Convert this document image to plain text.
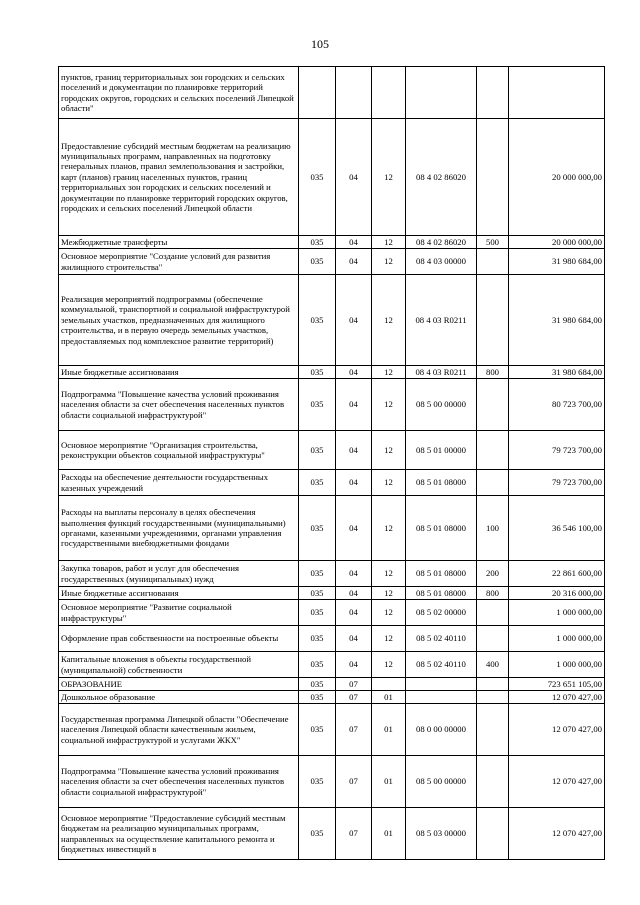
105
пунктов, границ территориальных зон городских и сельских поселений и документации по планировке территорий городских округов, городских и сельских поселений Липецкой области"						
Предоставление субсидий местным бюджетам на реализацию муниципальных программ, направленных на подготовку генеральных планов, правил землепользования и застройки, карт (планов) границ населенных пунктов, границ территориальных зон городских и сельских поселений и документации по планировке территорий городских округов, городских и сельских поселений Липецкой области	035	04	12	08 4 02 86020		20 000 000,00
Межбюджетные трансферты	035	04	12	08 4 02 86020	500	20 000 000,00
Основное мероприятие "Создание условий для развития жилищного строительства"	035	04	12	08 4 03 00000		31 980 684,00
Реализация мероприятий подпрограммы (обеспечение коммунальной, транспортной и социальной инфраструктурой земельных участков, предназначенных для жилищного строительства, и в первую очередь земельных участков, предоставляемых под комплексное развитие территорий)	035	04	12	08 4 03 R0211		31 980 684,00
Иные бюджетные ассигнования	035	04	12	08 4 03 R0211	800	31 980 684,00
Подпрограмма "Повышение качества условий проживания населения области за счет обеспечения населенных пунктов области социальной инфраструктурой"	035	04	12	08 5 00 00000		80 723 700,00
Основное мероприятие "Организация строительства, реконструкции объектов социальной инфраструктуры"	035	04	12	08 5 01 00000		79 723 700,00
Расходы на обеспечение деятельности государственных казенных учреждений	035	04	12	08 5 01 08000		79 723 700,00
Расходы на выплаты персоналу в целях обеспечения выполнения функций государственными (муниципальными) органами, казенными учреждениями, органами управления государственными внебюджетными фондами	035	04	12	08 5 01 08000	100	36 546 100,00
Закупка товаров, работ и услуг для обеспечения государственных (муниципальных) нужд	035	04	12	08 5 01 08000	200	22 861 600,00
Иные бюджетные ассигнования	035	04	12	08 5 01 08000	800	20 316 000,00
Основное мероприятие "Развитие социальной инфраструктуры"	035	04	12	08 5 02 00000		1 000 000,00
Оформление прав собственности на построенные объекты	035	04	12	08 5 02 40110		1 000 000,00
Капитальные вложения в объекты государственной (муниципальной) собственности	035	04	12	08 5 02 40110	400	1 000 000,00
ОБРАЗОВАНИЕ	035	07				723 651 105,00
Дошкольное образование	035	07	01			12 070 427,00
Государственная программа Липецкой области "Обеспечение населения Липецкой области качественным жильем, социальной инфраструктурой и услугами ЖКХ"	035	07	01	08 0 00 00000		12 070 427,00
Подпрограмма "Повышение качества условий проживания населения области за счет обеспечения населенных пунктов области социальной инфраструктурой"	035	07	01	08 5 00 00000		12 070 427,00
Основное мероприятие "Предоставление субсидий местным бюджетам на реализацию муниципальных программ, направленных на осуществление капитального ремонта и бюджетных инвестиций в	035	07	01	08 5 03 00000		12 070 427,00
